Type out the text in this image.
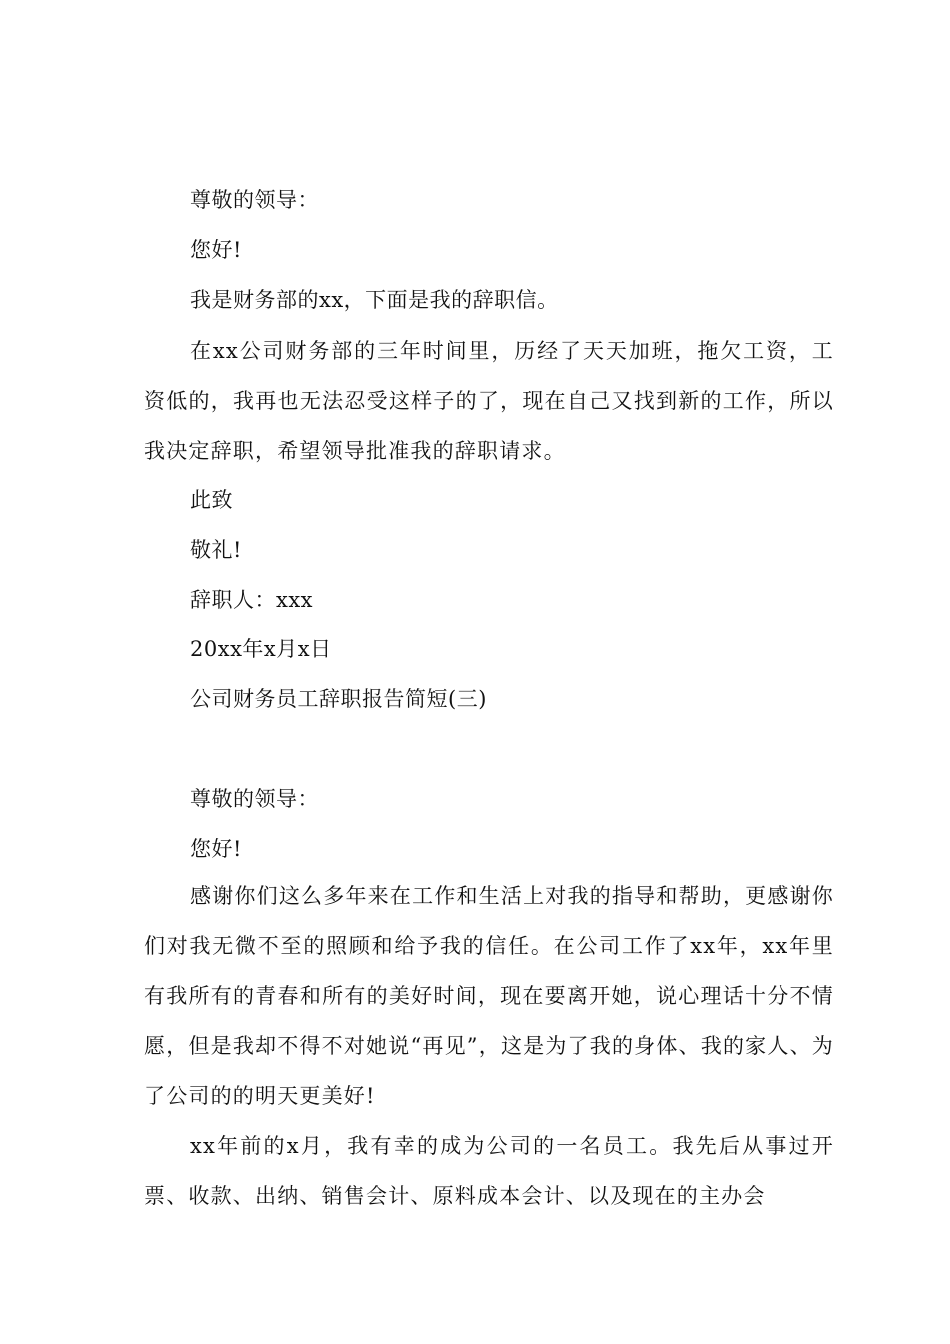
尊敬的领导：
您好!
我是财务部的xx，下面是我的辞职信。

在xx公司财务部的三年时间里，历经了天天加班，拖欠工资，工资低的，我再也无法忍受这样子的了，现在自己又找到新的工作，所以我决定辞职，希望领导批准我的辞职请求。

此致
敬礼!
辞职人：xxx
20xx年x月x日
公司财务员工辞职报告简短(三)
尊敬的领导：
您好!

感谢你们这么多年来在工作和生活上对我的指导和帮助，更感谢你们对我无微不至的照顾和给予我的信任。在公司工作了xx年，xx年里有我所有的青春和所有的美好时间，现在要离开她，说心理话十分不情愿，但是我却不得不对她说“再见”，这是为了我的身体、我的家人、为了公司的的明天更美好!

xx年前的x月，我有幸的成为公司的一名员工。我先后从事过开票、收款、出纳、销售会计、原料成本会计、以及现在的主办会
